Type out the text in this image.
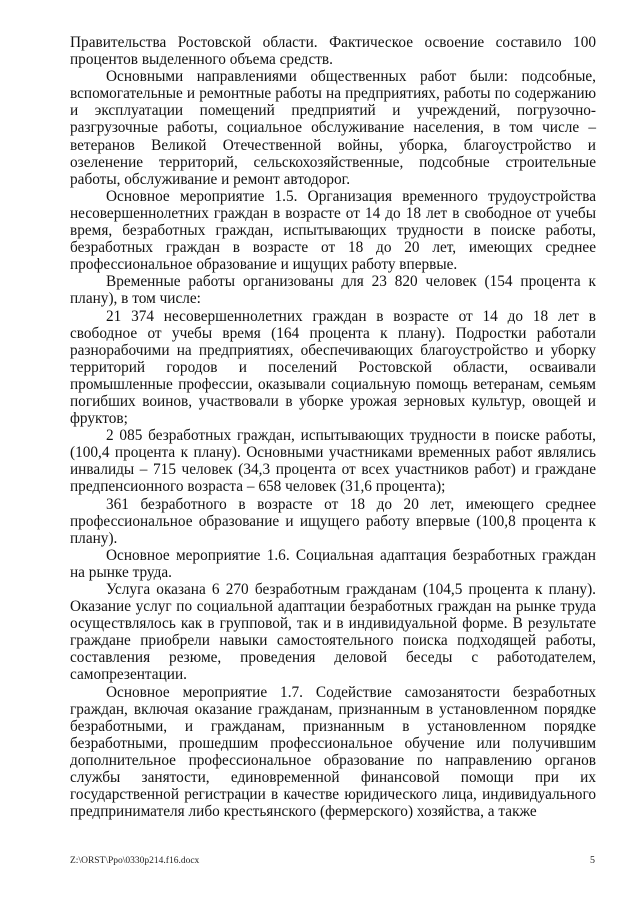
Правительства Ростовской области. Фактическое освоение составило 100 процентов выделенного объема средств.

Основными направлениями общественных работ были: подсобные, вспомогательные и ремонтные работы на предприятиях, работы по содержанию и эксплуатации помещений предприятий и учреждений, погрузочно-разгрузочные работы, социальное обслуживание населения, в том числе – ветеранов Великой Отечественной войны, уборка, благоустройство и озеленение территорий, сельскохозяйственные, подсобные строительные работы, обслуживание и ремонт автодорог.

Основное мероприятие 1.5. Организация временного трудоустройства несовершеннолетних граждан в возрасте от 14 до 18 лет в свободное от учебы время, безработных граждан, испытывающих трудности в поиске работы, безработных граждан в возрасте от 18 до 20 лет, имеющих среднее профессиональное образование и ищущих работу впервые.

Временные работы организованы для 23 820 человек (154 процента к плану), в том числе:

21 374 несовершеннолетних граждан в возрасте от 14 до 18 лет в свободное от учебы время (164 процента к плану). Подростки работали разнорабочими на предприятиях, обеспечивающих благоустройство и уборку территорий городов и поселений Ростовской области, осваивали промышленные профессии, оказывали социальную помощь ветеранам, семьям погибших воинов, участвовали в уборке урожая зерновых культур, овощей и фруктов;

2 085 безработных граждан, испытывающих трудности в поиске работы, (100,4 процента к плану). Основными участниками временных работ являлись инвалиды – 715 человек (34,3 процента от всех участников работ) и граждане предпенсионного возраста – 658 человек (31,6 процента);

361 безработного в возрасте от 18 до 20 лет, имеющего среднее профессиональное образование и ищущего работу впервые (100,8 процента к плану).

Основное мероприятие 1.6. Социальная адаптация безработных граждан на рынке труда.

Услуга оказана 6 270 безработным гражданам (104,5 процента к плану). Оказание услуг по социальной адаптации безработных граждан на рынке труда осуществлялось как в групповой, так и в индивидуальной форме. В результате граждане приобрели навыки самостоятельного поиска подходящей работы, составления резюме, проведения деловой беседы с работодателем, самопрезентации.

Основное мероприятие 1.7. Содействие самозанятости безработных граждан, включая оказание гражданам, признанным в установленном порядке безработными, и гражданам, признанным в установленном порядке безработными, прошедшим профессиональное обучение или получившим дополнительное профессиональное образование по направлению органов службы занятости, единовременной финансовой помощи при их государственной регистрации в качестве юридического лица, индивидуального предпринимателя либо крестьянского (фермерского) хозяйства, а также

Z:\ORST\Ppo\0330p214.f16.docx	5
